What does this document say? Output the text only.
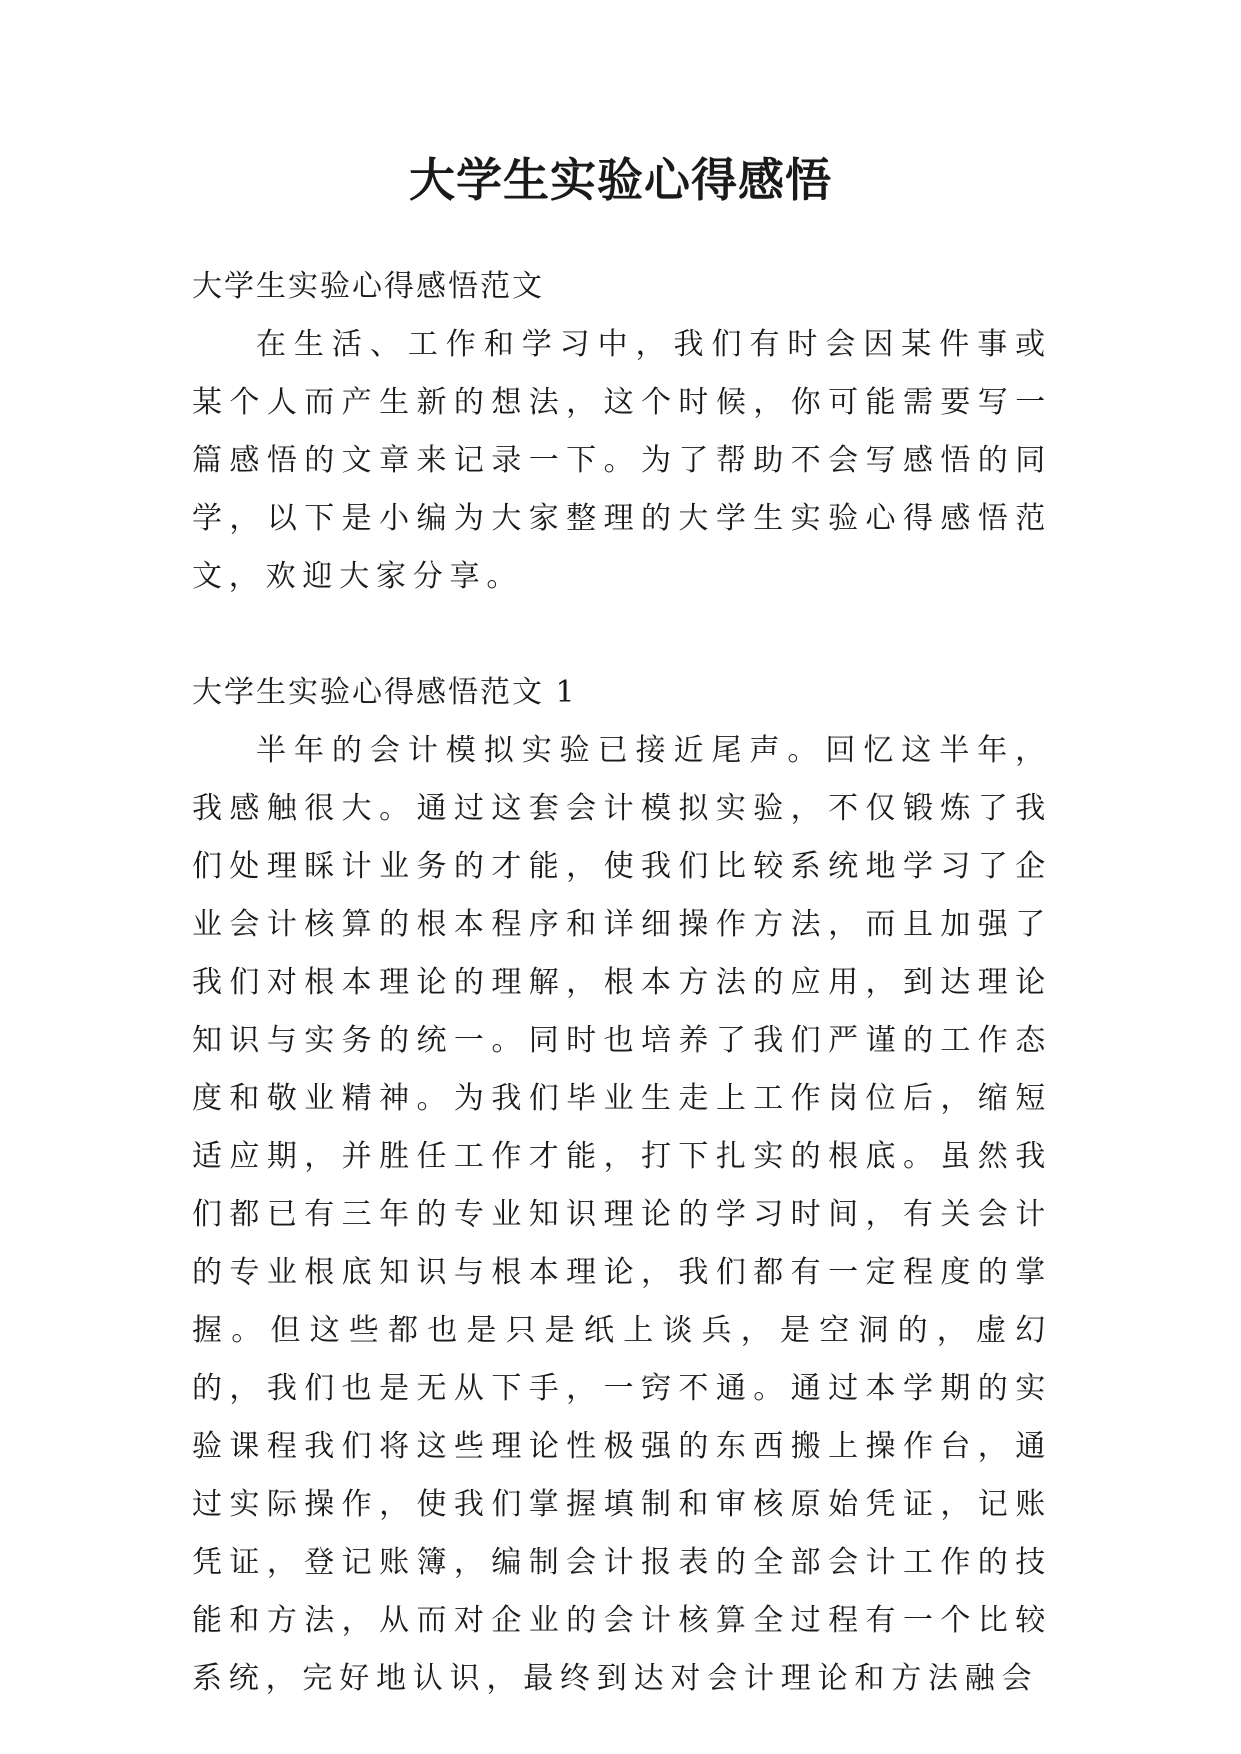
大学生实验心得感悟

大学生实验心得感悟范文

在生活、工作和学习中，我们有时会因某件事或某个人而产生新的想法，这个时候，你可能需要写一篇感悟的文章来记录一下。为了帮助不会写感悟的同学，以下是小编为大家整理的大学生实验心得感悟范文，欢迎大家分享。

大学生实验心得感悟范文 1

半年的会计模拟实验已接近尾声。回忆这半年，我感触很大。通过这套会计模拟实验，不仅锻炼了我们处理睬计业务的才能，使我们比较系统地学习了企业会计核算的根本程序和详细操作方法，而且加强了我们对根本理论的理解，根本方法的应用，到达理论知识与实务的统一。同时也培养了我们严谨的工作态度和敬业精神。为我们毕业生走上工作岗位后，缩短适应期，并胜任工作才能，打下扎实的根底。虽然我们都已有三年的专业知识理论的学习时间，有关会计的专业根底知识与根本理论，我们都有一定程度的掌握。但这些都也是只是纸上谈兵，是空洞的，虚幻的，我们也是无从下手，一窍不通。通过本学期的实验课程我们将这些理论性极强的东西搬上操作台，通过实际操作，使我们掌握填制和审核原始凭证，记账凭证，登记账簿，编制会计报表的全部会计工作的技能和方法，从而对企业的会计核算全过程有一个比较系统，完好地认识，最终到达对会计理论和方法融会
